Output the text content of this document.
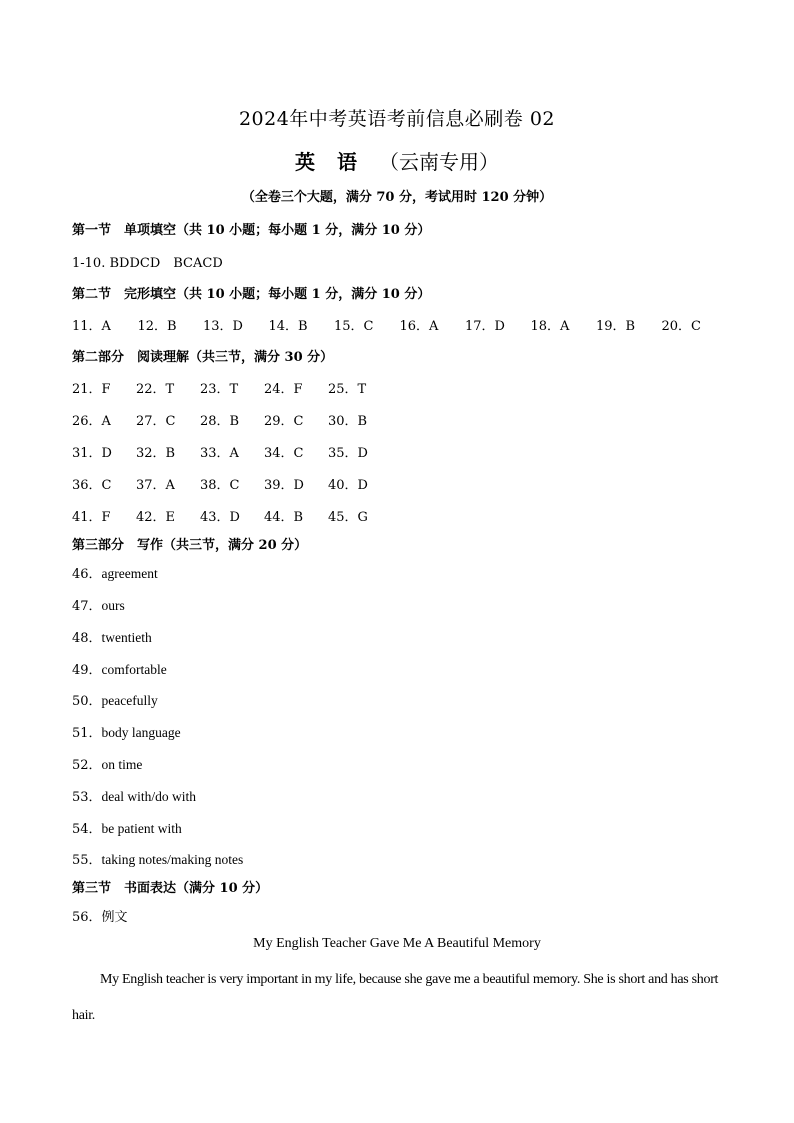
2024年中考英语考前信息必刷卷 02
英语（云南专用）
（全卷三个大题，满分 70 分，考试用时 120 分钟）
第一节　单项填空（共 10 小题；每小题 1 分，满分 10 分）
1-10. BDDCD　BCACD
第二节　完形填空（共 10 小题；每小题 1 分，满分 10 分）
11．A	12．B	13．D	14．B	15．C	16．A	17．D	18．A	19．B	20．C
第二部分　阅读理解（共三节，满分 30 分）
21．F	22．T	23．T	24．F	25．T
26．A	27．C	28．B	29．C	30．B
31．D	32．B	33．A	34．C	35．D
36．C	37．A	38．C	39．D	40．D
41．F	42．E	43．D	44．B	45．G
第三部分　写作（共三节，满分 20 分）
46．agreement
47．ours
48．twentieth
49．comfortable
50．peacefully
51．body language
52．on time
53．deal with/do with
54．be patient with
55．taking notes/making notes
第三节　书面表达（满分 10 分）
56．例文
My English Teacher Gave Me A Beautiful Memory
My English teacher is very important in my life, because she gave me a beautiful memory. She is short and has short hair.
